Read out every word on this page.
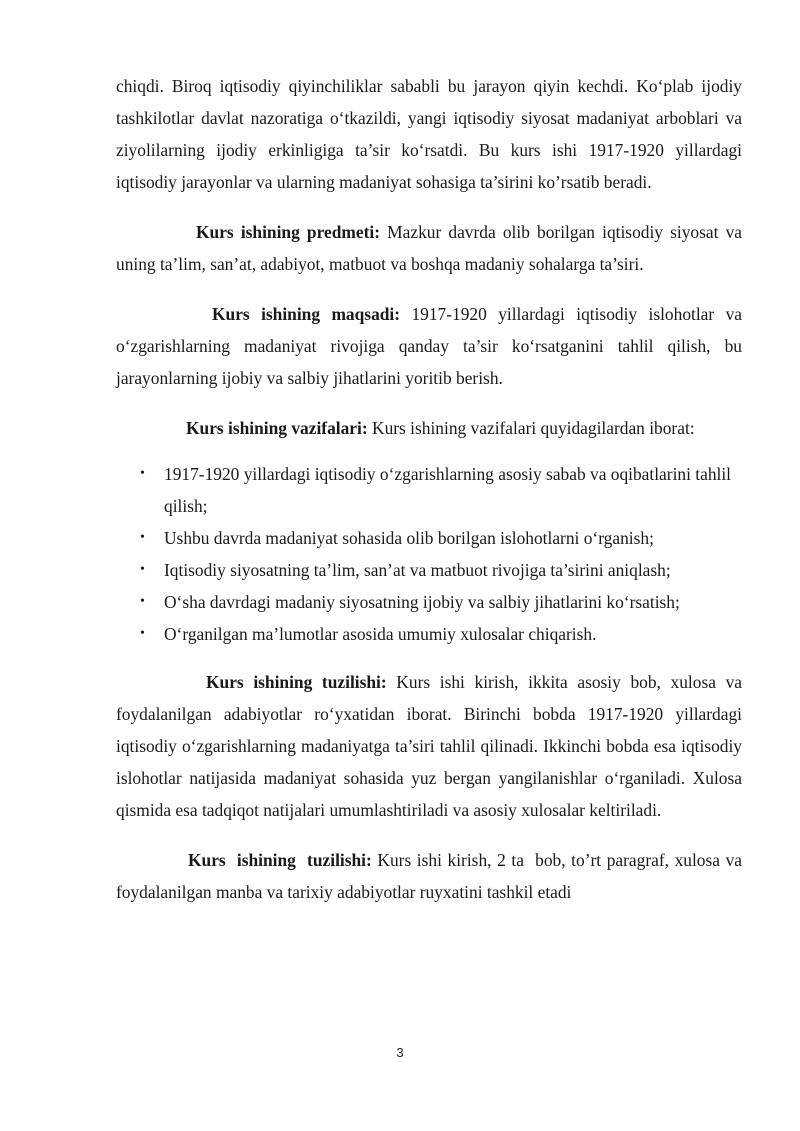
chiqdi. Biroq iqtisodiy qiyinchiliklar sababli bu jarayon qiyin kechdi. Ko‘plab ijodiy tashkilotlar davlat nazoratiga o‘tkazildi, yangi iqtisodiy siyosat madaniyat arboblari va ziyolilarning ijodiy erkinligiga ta’sir ko‘rsatdi. Bu kurs ishi 1917-1920 yillardagi iqtisodiy jarayonlar va ularning madaniyat sohasiga ta’sirini ko’rsatib beradi.

Kurs ishining predmeti: Mazkur davrda olib borilgan iqtisodiy siyosat va uning ta’lim, san’at, adabiyot, matbuot va boshqa madaniy sohalarga ta’siri.

Kurs ishining maqsadi: 1917-1920 yillardagi iqtisodiy islohotlar va o‘zgarishlarning madaniyat rivojiga qanday ta’sir ko‘rsatganini tahlil qilish, bu jarayonlarning ijobiy va salbiy jihatlarini yoritib berish.

Kurs ishining vazifalari: Kurs ishining vazifalari quyidagilardan iborat:

• 1917-1920 yillardagi iqtisodiy o‘zgarishlarning asosiy sabab va oqibatlarini tahlil qilish;
• Ushbu davrda madaniyat sohasida olib borilgan islohotlarni o‘rganish;
• Iqtisodiy siyosatning ta’lim, san’at va matbuot rivojiga ta’sirini aniqlash;
• O‘sha davrdagi madaniy siyosatning ijobiy va salbiy jihatlarini ko‘rsatish;
• O‘rganilgan ma’lumotlar asosida umumiy xulosalar chiqarish.

Kurs ishining tuzilishi: Kurs ishi kirish, ikkita asosiy bob, xulosa va foydalanilgan adabiyotlar ro‘yxatidan iborat. Birinchi bobda 1917-1920 yillardagi iqtisodiy o‘zgarishlarning madaniyatga ta’siri tahlil qilinadi. Ikkinchi bobda esa iqtisodiy islohotlar natijasida madaniyat sohasida yuz bergan yangilanishlar o‘rganiladi. Xulosa qismida esa tadqiqot natijalari umumlashtiriladi va asosiy xulosalar keltiriladi.

Kurs  ishining  tuzilishi: Kurs ishi kirish, 2 ta  bob, to’rt paragraf, xulosa va foydalanilgan manba va tarixiy adabiyotlar ruyxatini tashkil etadi

3
